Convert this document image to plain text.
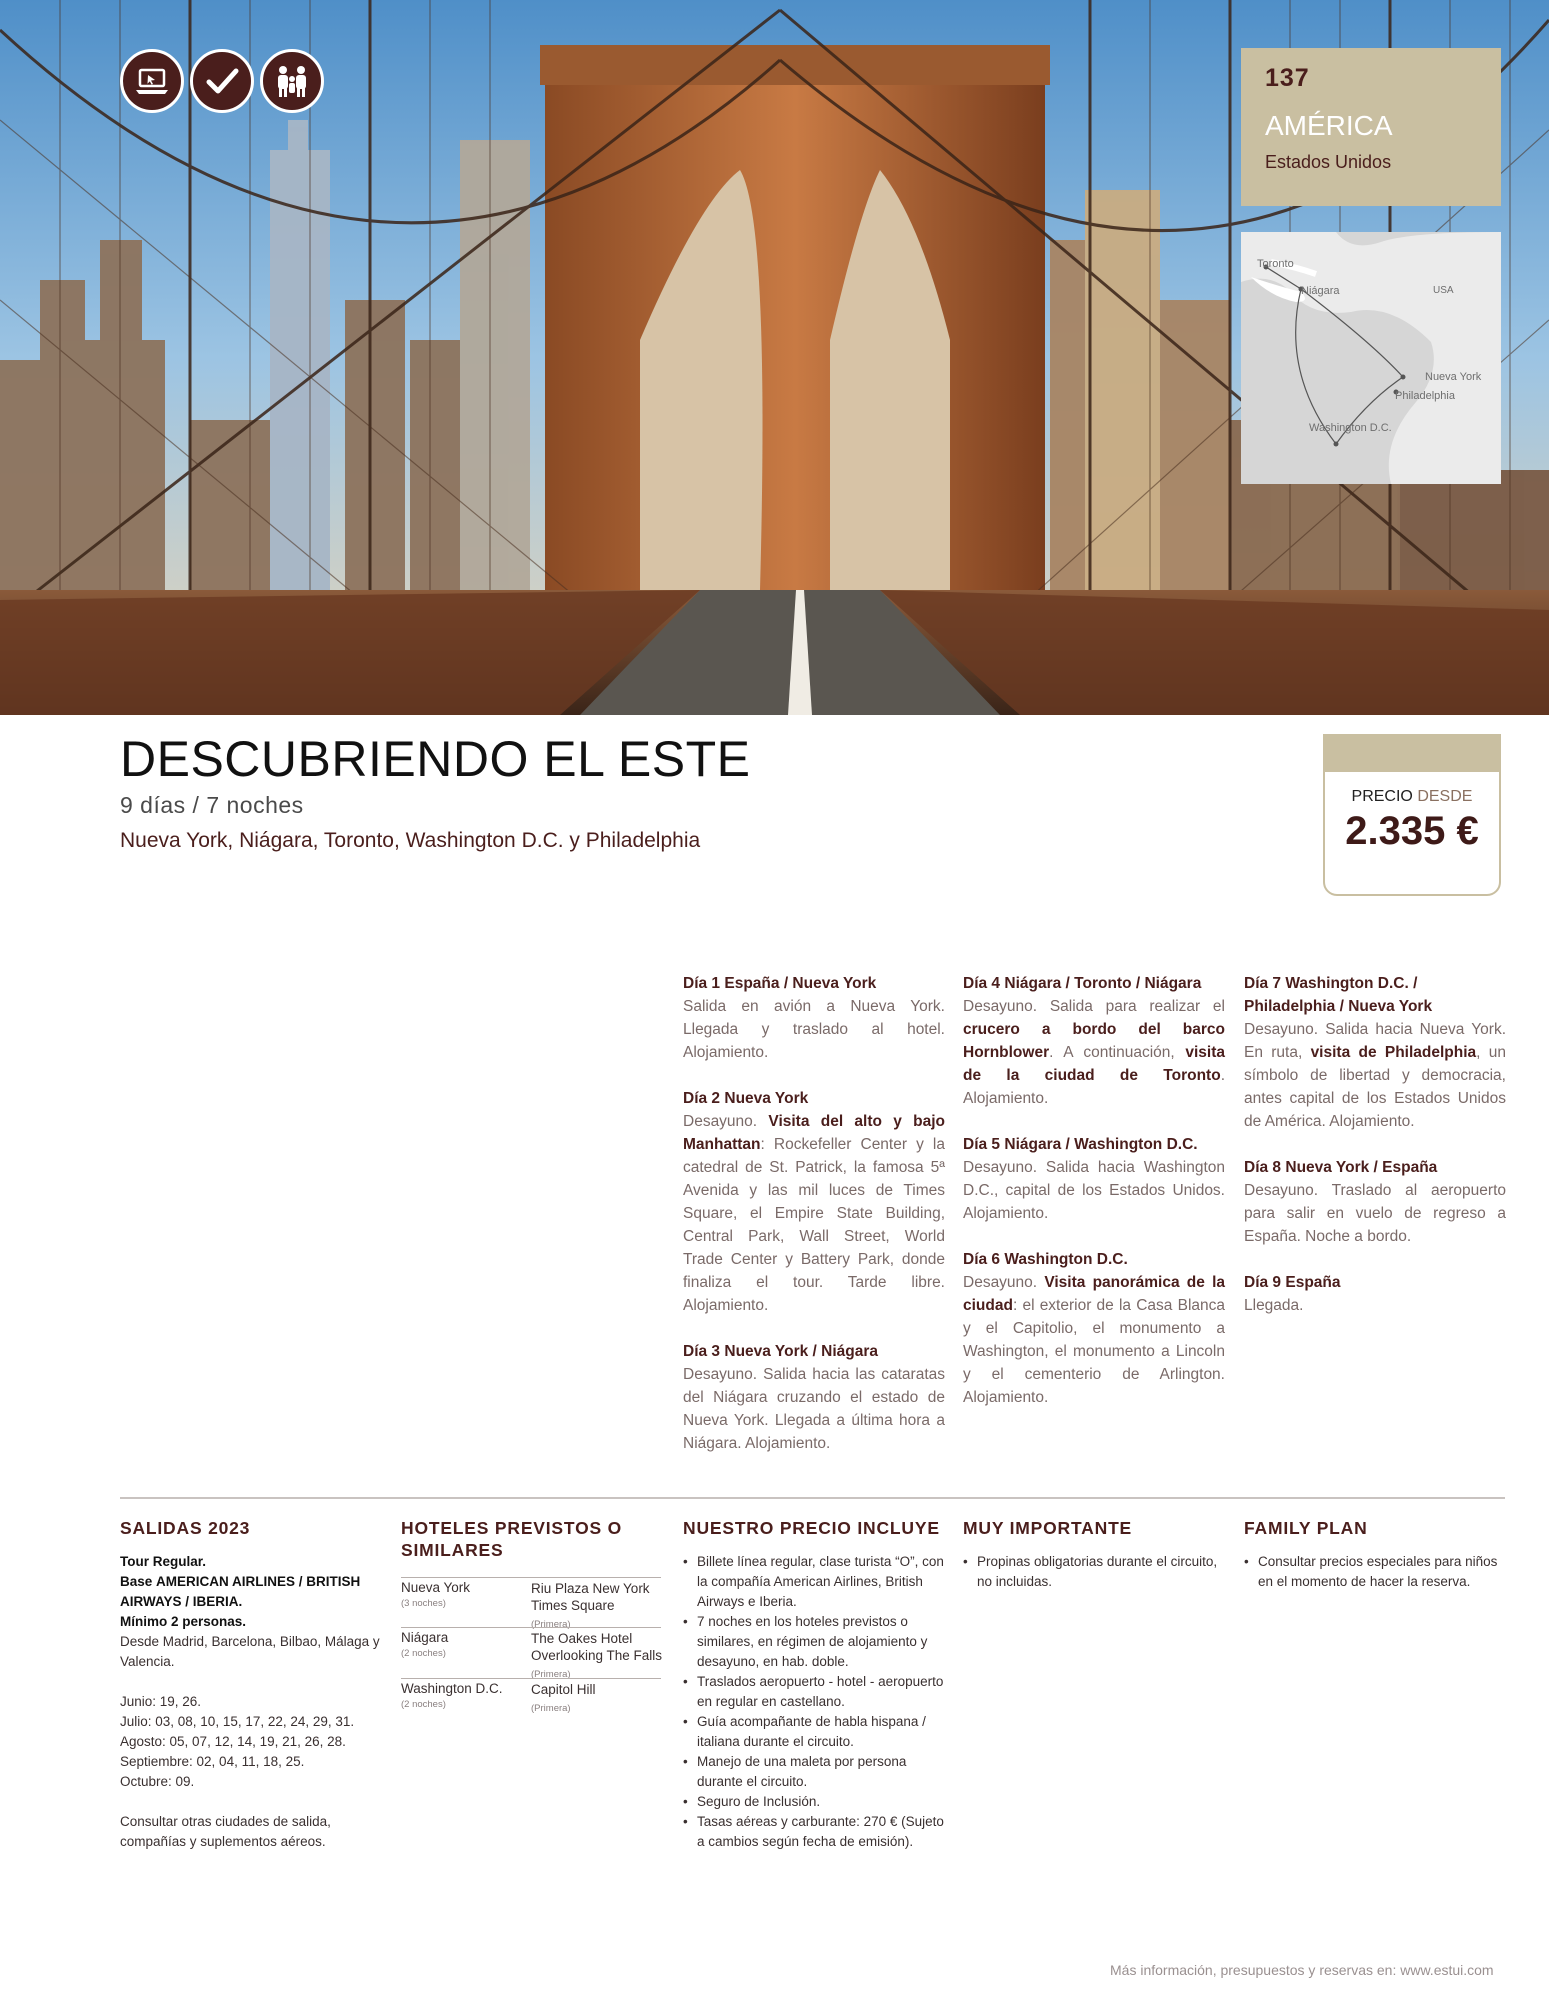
137
AMÉRICA
Estados Unidos
Toronto
Niágara	USA
Nueva York
Philadelphia
Washington D.C.
DESCUBRIENDO EL ESTE
9 días / 7 noches
Nueva York, Niágara, Toronto, Washington D.C. y Philadelphia
PRECIO DESDE
2.335 €
Día 1 España / Nueva York
Salida en avión a Nueva York. Llegada y traslado al hotel. Alojamiento.
Día 2 Nueva York
Desayuno. Visita del alto y bajo Manhattan: Rockefeller Center y la catedral de St. Patrick, la famosa 5ª Avenida y las mil luces de Times Square, el Empire State Building, Central Park, Wall Street, World Trade Center y Battery Park, donde finaliza el tour. Tarde libre. Alojamiento.
Día 3 Nueva York / Niágara
Desayuno. Salida hacia las cataratas del Niágara cruzando el estado de Nueva York. Llegada a última hora a Niágara. Alojamiento.
Día 4 Niágara / Toronto / Niágara
Desayuno. Salida para realizar el crucero a bordo del barco Hornblower. A continuación, visita de la ciudad de Toronto. Alojamiento.
Día 5 Niágara / Washington D.C.
Desayuno. Salida hacia Washington D.C., capital de los Estados Unidos. Alojamiento.
Día 6 Washington D.C.
Desayuno. Visita panorámica de la ciudad: el exterior de la Casa Blanca y el Capitolio, el monumento a Washington, el monumento a Lincoln y el cementerio de Arlington. Alojamiento.
Día 7 Washington D.C. / Philadelphia / Nueva York
Desayuno. Salida hacia Nueva York. En ruta, visita de Philadelphia, un símbolo de libertad y democracia, antes capital de los Estados Unidos de América. Alojamiento.
Día 8 Nueva York / España
Desayuno. Traslado al aeropuerto para salir en vuelo de regreso a España. Noche a bordo.
Día 9 España
Llegada.
SALIDAS 2023
Tour Regular.
Base AMERICAN AIRLINES / BRITISH AIRWAYS / IBERIA.
Mínimo 2 personas.
Desde Madrid, Barcelona, Bilbao, Málaga y Valencia.
Junio: 19, 26.
Julio: 03, 08, 10, 15, 17, 22, 24, 29, 31.
Agosto: 05, 07, 12, 14, 19, 21, 26, 28.
Septiembre: 02, 04, 11, 18, 25.
Octubre: 09.
Consultar otras ciudades de salida, compañías y suplementos aéreos.
HOTELES PREVISTOS O SIMILARES
Nueva York
(3 noches)
Riu Plaza New York Times Square
(Primera)
Niágara
(2 noches)
The Oakes Hotel Overlooking The Falls (Primera)
Washington D.C.
(2 noches)
Capitol Hill
(Primera)
NUESTRO PRECIO INCLUYE
• Billete línea regular, clase turista “O”, con la compañía American Airlines, British Airways e Iberia.
• 7 noches en los hoteles previstos o similares, en régimen de alojamiento y desayuno, en hab. doble.
• Traslados aeropuerto - hotel - aeropuerto en regular en castellano.
• Guía acompañante de habla hispana / italiana durante el circuito.
• Manejo de una maleta por persona durante el circuito.
• Seguro de Inclusión.
• Tasas aéreas y carburante: 270 € (Sujeto a cambios según fecha de emisión).
MUY IMPORTANTE
• Propinas obligatorias durante el circuito, no incluidas.
FAMILY PLAN
• Consultar precios especiales para niños en el momento de hacer la reserva.
Más información, presupuestos y reservas en: www.estui.com
